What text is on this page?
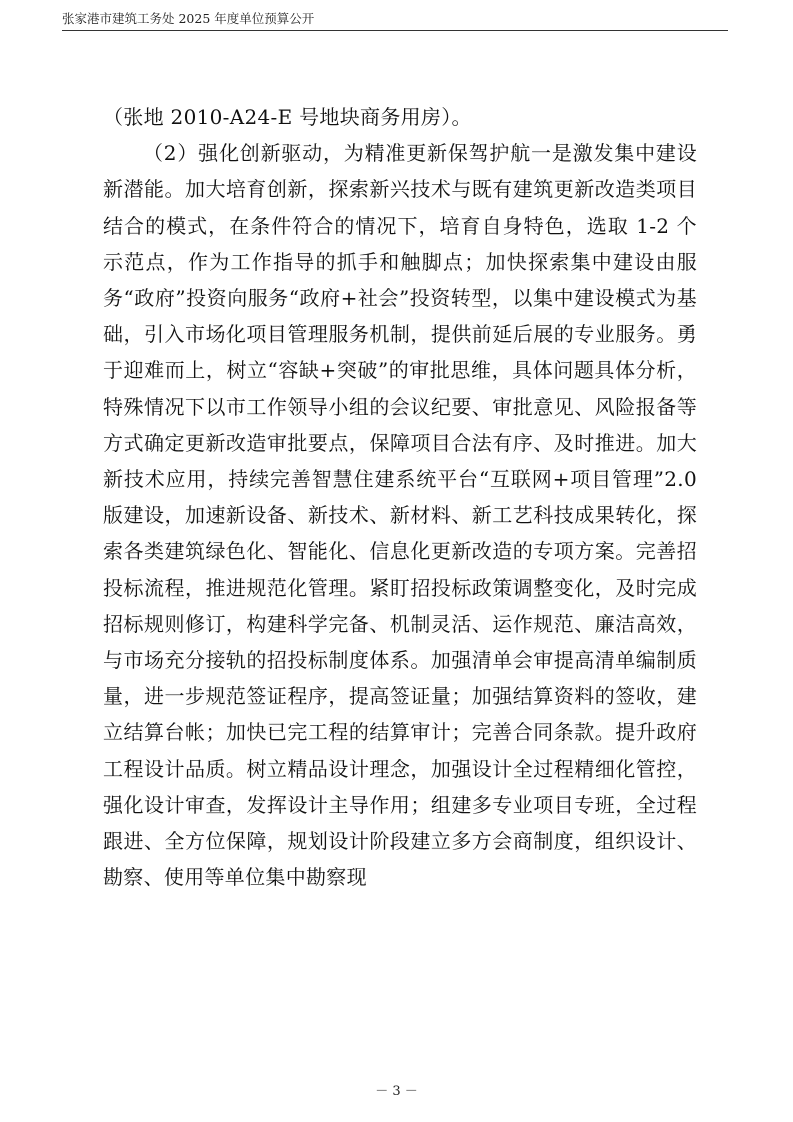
张家港市建筑工务处 2025 年度单位预算公开

（张地 2010-A24-E 号地块商务用房）。

（2）强化创新驱动，为精准更新保驾护航一是激发集中建设新潜能。加大培育创新，探索新兴技术与既有建筑更新改造类项目结合的模式，在条件符合的情况下，培育自身特色，选取 1-2 个示范点，作为工作指导的抓手和触脚点；加快探索集中建设由服务“政府”投资向服务“政府+社会”投资转型，以集中建设模式为基础，引入市场化项目管理服务机制，提供前延后展的专业服务。勇于迎难而上，树立“容缺+突破”的审批思维，具体问题具体分析，特殊情况下以市工作领导小组的会议纪要、审批意见、风险报备等方式确定更新改造审批要点，保障项目合法有序、及时推进。加大新技术应用，持续完善智慧住建系统平台“互联网+项目管理”2.0 版建设，加速新设备、新技术、新材料、新工艺科技成果转化，探索各类建筑绿色化、智能化、信息化更新改造的专项方案。完善招投标流程，推进规范化管理。紧盯招投标政策调整变化，及时完成招标规则修订，构建科学完备、机制灵活、运作规范、廉洁高效，与市场充分接轨的招投标制度体系。加强清单会审提高清单编制质量，进一步规范签证程序，提高签证量；加强结算资料的签收，建立结算台帐；加快已完工程的结算审计；完善合同条款。提升政府工程设计品质。树立精品设计理念，加强设计全过程精细化管控，强化设计审查，发挥设计主导作用；组建多专业项目专班，全过程跟进、全方位保障，规划设计阶段建立多方会商制度，组织设计、勘察、使用等单位集中勘察现

－ 3 －
